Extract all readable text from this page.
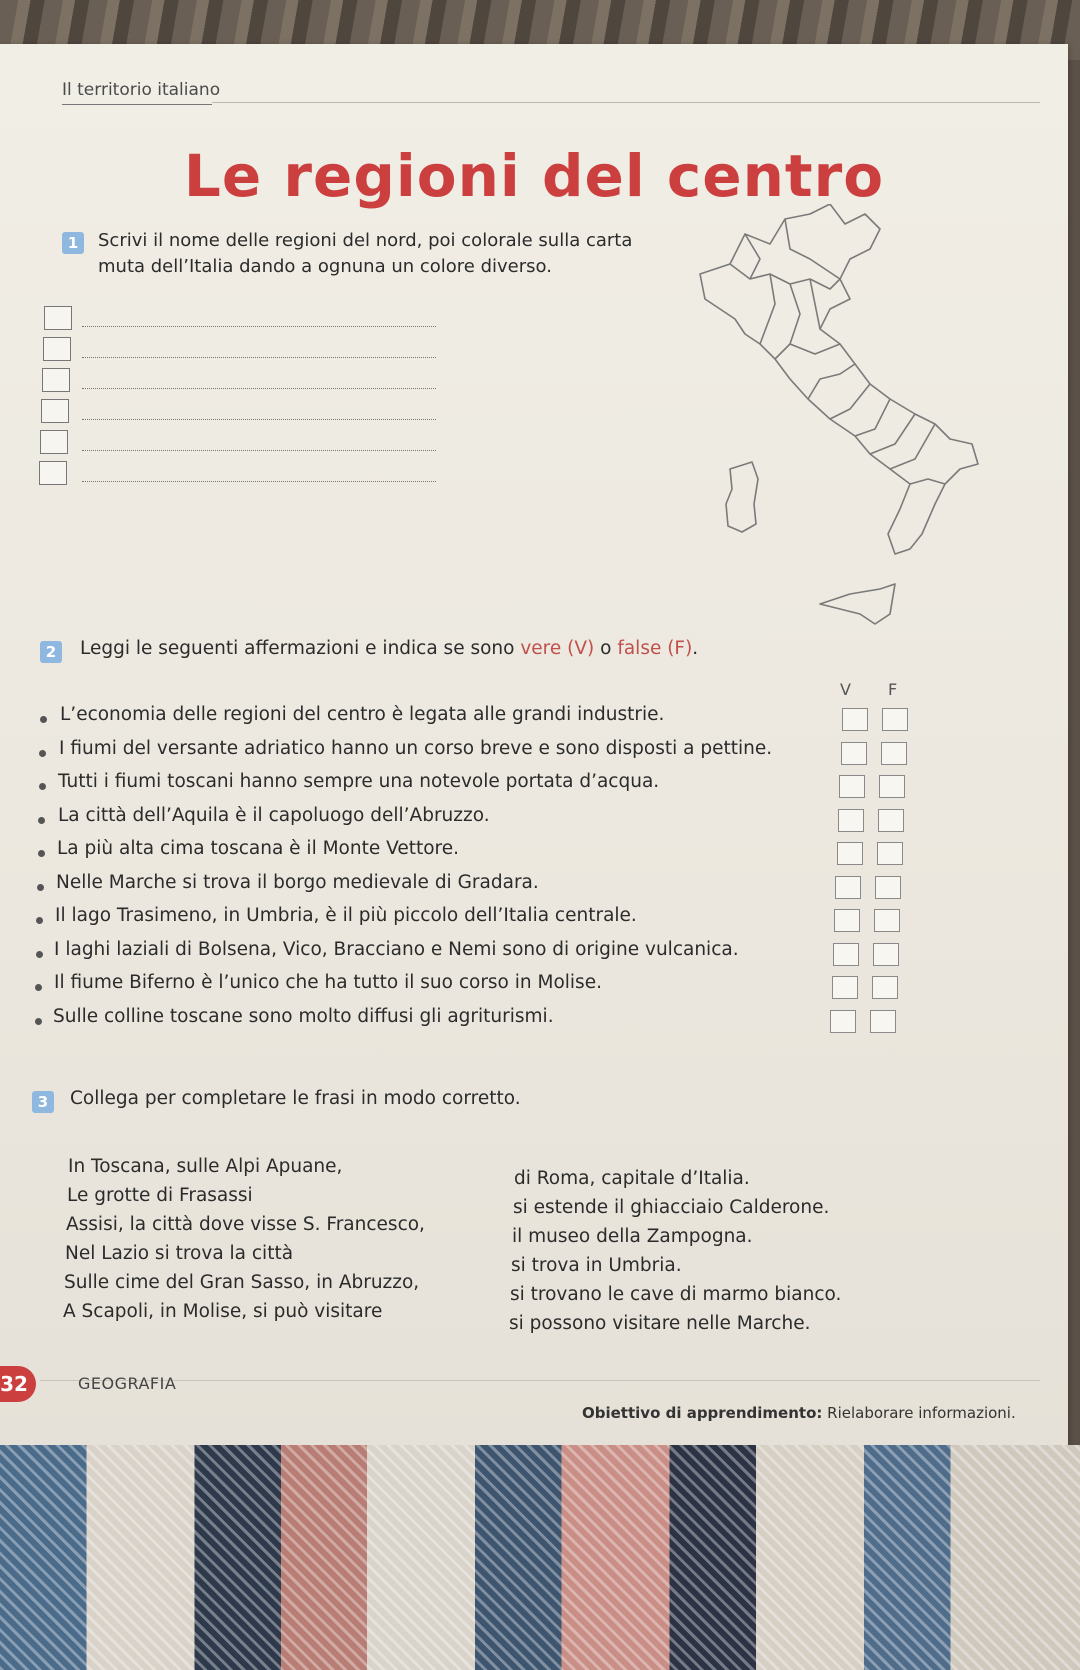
Il territorio italiano
Le regioni del centro
1	Scrivi il nome delle regioni del nord, poi colorale sulla carta
muta dell’Italia dando a ognuna un colore diverso.
2	Leggi le seguenti affermazioni e indica se sono vere (V) o false (F).
V F
L’economia delle regioni del centro è legata alle grandi industrie.
I fiumi del versante adriatico hanno un corso breve e sono disposti a pettine.
Tutti i fiumi toscani hanno sempre una notevole portata d’acqua.
La città dell’Aquila è il capoluogo dell’Abruzzo.
La più alta cima toscana è il Monte Vettore.
Nelle Marche si trova il borgo medievale di Gradara.
Il lago Trasimeno, in Umbria, è il più piccolo dell’Italia centrale.
I laghi laziali di Bolsena, Vico, Bracciano e Nemi sono di origine vulcanica.
Il fiume Biferno è l’unico che ha tutto il suo corso in Molise.
Sulle colline toscane sono molto diffusi gli agriturismi.
3	Collega per completare le frasi in modo corretto.
In Toscana, sulle Alpi Apuane,
Le grotte di Frasassi
Assisi, la città dove visse S. Francesco,
Nel Lazio si trova la città
Sulle cime del Gran Sasso, in Abruzzo,
A Scapoli, in Molise, si può visitare
di Roma, capitale d’Italia.
si estende il ghiacciaio Calderone.
il museo della Zampogna.
si trova in Umbria.
si trovano le cave di marmo bianco.
si possono visitare nelle Marche.
32	GEOGRAFIA
Obiettivo di apprendimento: Rielaborare informazioni.
